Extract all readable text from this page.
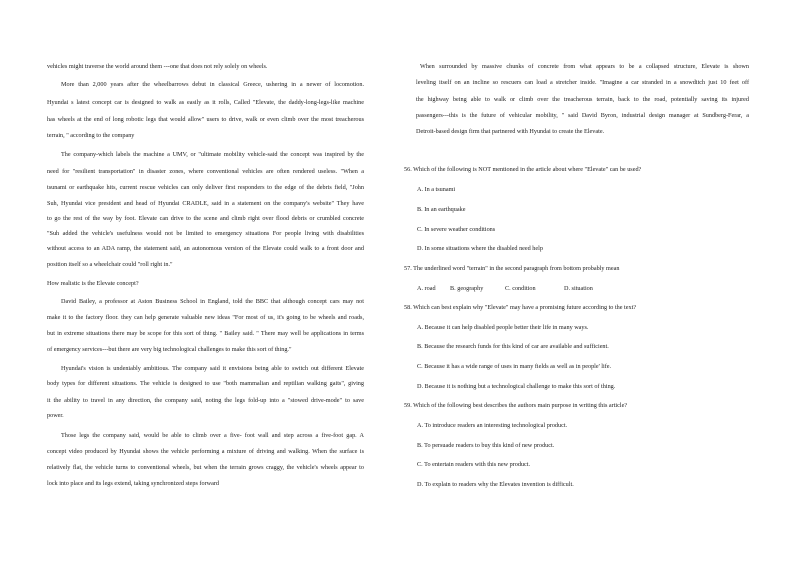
vehicles might traverse the world around them ---one that does not rely solely on wheels.
More than 2,000 years after the wheelbarrows debut in classical Greece, ushering in a newer of locomotion.
Hyundai s latest concept car is designed to walk as easily as it rolls, Called "Elevate, the daddy-long-legs-like machine
has wheels at the end of long robotic legs that would allow" users to drive, walk or even climb over the most treacherous
terrain, " according to the company
The company-which labels the machine a UMV, or "ultimate mobility vehicle-said the concept was inspired by the
need for "resilient transportation" in disaster zones, where conventional vehicles are often rendered useless. "When a
tsunami or earthquake hits, current rescue vehicles can only deliver first responders to the edge of the debris field, "John
Suh, Hyundai vice president and head of Hyundai CRADLE, said in a statement on the company's website" They have
to go the rest of the way by foot. Elevate can drive to the scene and climb right over flood debris or crumbled concrete
"Suh added the vehicle's usefulness would not be limited to emergency situations For people living with disabilities
without access to an ADA ramp, the statement said, an autonomous version of the Elevate could walk to a front door and
position itself so a wheelchair could "roll right in."
How realistic is the Elevate concept?
David Bailey, a professor at Aston Business School in England, told the BBC that although concept cars may not
make it to the factory floor. they can help generate valuable new ideas "For most of us, it's going to be wheels and roads,
but in extreme situations there may be scope for this sort of thing. " Bailey said. " There may well be applications in terms
of emergency services---but there are very big technological challenges to make this sort of thing."
Hyundai's vision is undeniably ambitious. The company said it envisions being able to switch out different Elevate
body types for different situations. The vehicle is designed to use "both mammalian and reptilian walking gaits", giving
it the ability to travel in any direction, the company said, noting the legs fold-up into a "stowed drive-mode" to save
power.
Those legs the company said, would be able to climb over a five- foot wall and step across a five-foot gap. A
concept video produced by Hyundai shows the vehicle performing a mixture of driving and walking. When the surface is
relatively flat, the vehicle turns to conventional wheels, but when the terrain grows craggy, the vehicle's wheels appear to
lock into place and its legs extend, taking synchronized steps forward
When surrounded by massive chunks of concrete from what appears to be a collapsed structure, Elevate is shown
leveling itself on an incline so rescuers can load a stretcher inside. "Imagine a car stranded in a snowditch just 10 feet off
the highway being able to walk or climb over the treacherous terrain, back to the road, potentially saving its injured
passengers---this is the future of vehicular mobility, " said David Byron, industrial design manager at Sundberg-Ferar, a
Detroit-based design firm that partnered with Hyundai to create the Elevate.
56. Which of the following is NOT mentioned in the article about where "Elevate" can be used?
A. In a tsunami
B. In an earthquake
C. In severe weather conditions
D. In some situations where the disabled need help
57. The underlined word "terrain" in the second paragraph from bottom probably mean
A. road B. geography	C. condition	D. situation
58. Which can best explain why "Elevate" may have a promising future according to the text?
A. Because it can help disabled people better their life in many ways.
B. Because the research funds for this kind of car are available and sufficient.
C. Because it has a wide range of uses in many fields as well as in people' life.
D. Because it is nothing but a technological challenge to make this sort of thing.
59. Which of the following best describes the authors main purpose in writing this article?
A. To introduce readers an interesting technological product.
B. To persuade readers to buy this kind of new product.
C. To entertain readers with this new product.
D. To explain to readers why the Elevates invention is difficult.
